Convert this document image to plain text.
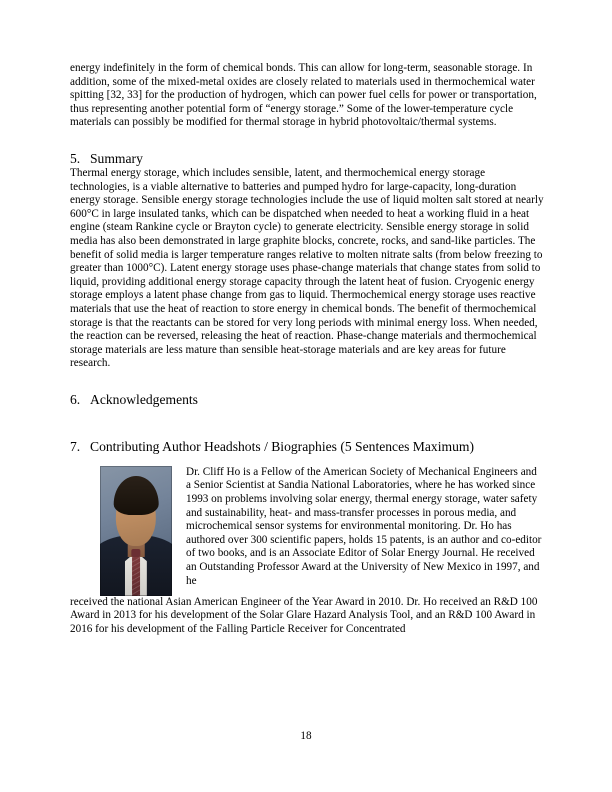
energy indefinitely in the form of chemical bonds. This can allow for long-term, seasonable storage. In addition, some of the mixed-metal oxides are closely related to materials used in thermochemical water spitting [32, 33] for the production of hydrogen, which can power fuel cells for power or transportation, thus representing another potential form of “energy storage.” Some of the lower-temperature cycle materials can possibly be modified for thermal storage in hybrid photovoltaic/thermal systems.

5. Summary

Thermal energy storage, which includes sensible, latent, and thermochemical energy storage technologies, is a viable alternative to batteries and pumped hydro for large-capacity, long-duration energy storage. Sensible energy storage technologies include the use of liquid molten salt stored at nearly 600°C in large insulated tanks, which can be dispatched when needed to heat a working fluid in a heat engine (steam Rankine cycle or Brayton cycle) to generate electricity. Sensible energy storage in solid media has also been demonstrated in large graphite blocks, concrete, rocks, and sand-like particles. The benefit of solid media is larger temperature ranges relative to molten nitrate salts (from below freezing to greater than 1000°C). Latent energy storage uses phase-change materials that change states from solid to liquid, providing additional energy storage capacity through the latent heat of fusion. Cryogenic energy storage employs a latent phase change from gas to liquid. Thermochemical energy storage uses reactive materials that use the heat of reaction to store energy in chemical bonds. The benefit of thermochemical storage is that the reactants can be stored for very long periods with minimal energy loss. When needed, the reaction can be reversed, releasing the heat of reaction. Phase-change materials and thermochemical storage materials are less mature than sensible heat-storage materials and are key areas for future research.

6. Acknowledgements
7. Contributing Author Headshots / Biographies (5 Sentences Maximum)

Dr. Cliff Ho is a Fellow of the American Society of Mechanical Engineers and a Senior Scientist at Sandia National Laboratories, where he has worked since 1993 on problems involving solar energy, thermal energy storage, water safety and sustainability, heat- and mass-transfer processes in porous media, and microchemical sensor systems for environmental monitoring. Dr. Ho has authored over 300 scientific papers, holds 15 patents, is an author and co-editor of two books, and is an Associate Editor of Solar Energy Journal. He received an Outstanding Professor Award at the University of New Mexico in 1997, and he

received the national Asian American Engineer of the Year Award in 2010. Dr. Ho received an R&D 100 Award in 2013 for his development of the Solar Glare Hazard Analysis Tool, and an R&D 100 Award in 2016 for his development of the Falling Particle Receiver for Concentrated

18
